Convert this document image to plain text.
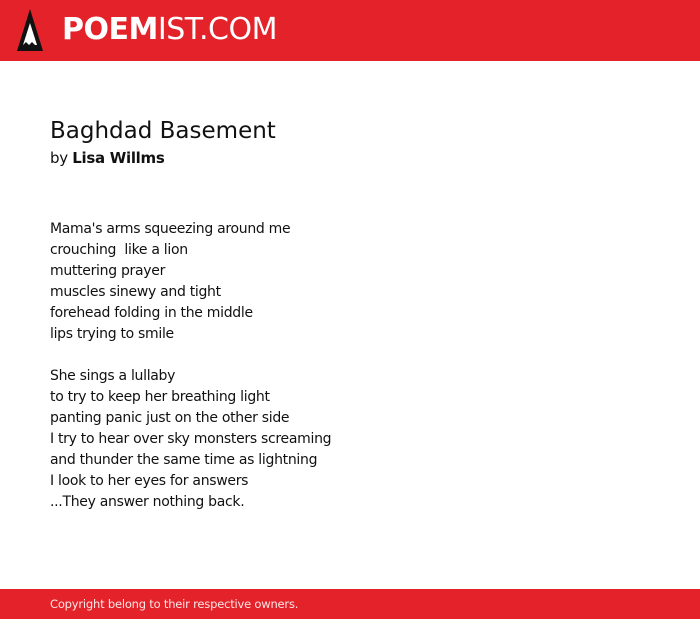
POEMIST.COM
Baghdad Basement
by Lisa Willms
Mama's arms squeezing around me
crouching  like a lion
muttering prayer
muscles sinewy and tight
forehead folding in the middle
lips trying to smile
She sings a lullaby
to try to keep her breathing light
panting panic just on the other side
I try to hear over sky monsters screaming
and thunder the same time as lightning
I look to her eyes for answers
...They answer nothing back.
Copyright belong to their respective owners.
